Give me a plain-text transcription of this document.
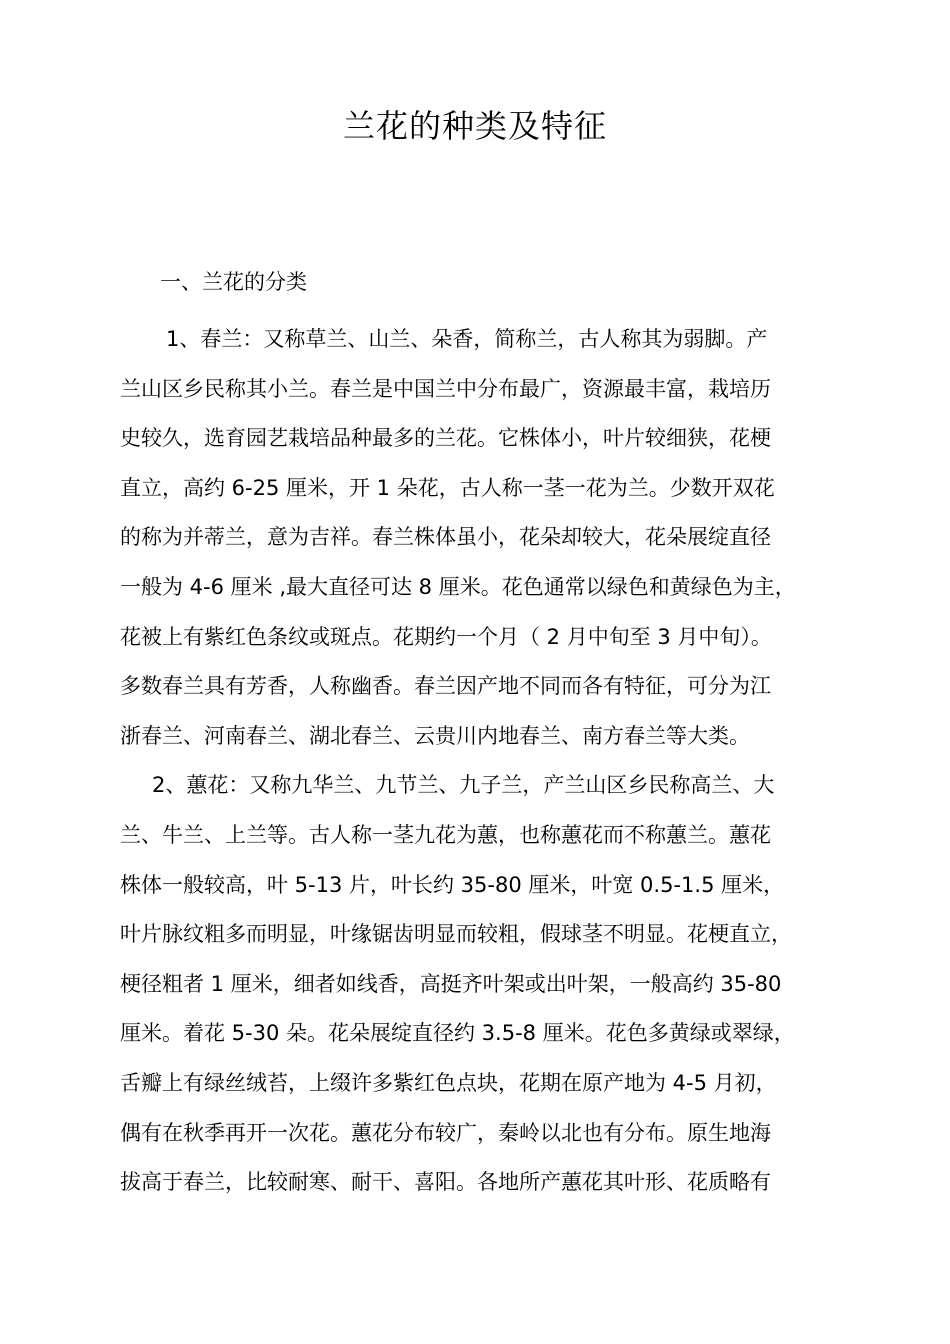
兰花的种类及特征
一、兰花的分类
1、春兰：又称草兰、山兰、朵香，简称兰，古人称其为弱脚。产
兰山区乡民称其小兰。春兰是中国兰中分布最广，资源最丰富，栽培历
史较久，选育园艺栽培品种最多的兰花。它株体小，叶片较细狭，花梗
直立，高约 6-25 厘米，开 1 朵花，古人称一茎一花为兰。少数开双花
的称为并蒂兰，意为吉祥。春兰株体虽小，花朵却较大，花朵展绽直径
一般为 4-6 厘米 ,最大直径可达 8 厘米。花色通常以绿色和黄绿色为主，
花被上有紫红色条纹或斑点。花期约一个月（ 2 月中旬至 3 月中旬）。
多数春兰具有芳香，人称幽香。春兰因产地不同而各有特征，可分为江
浙春兰、河南春兰、湖北春兰、云贵川内地春兰、南方春兰等大类。
2、蕙花：又称九华兰、九节兰、九子兰，产兰山区乡民称高兰、大
兰、牛兰、上兰等。古人称一茎九花为蕙，也称蕙花而不称蕙兰。蕙花
株体一般较高，叶 5-13 片，叶长约 35-80 厘米，叶宽 0.5-1.5 厘米，
叶片脉纹粗多而明显，叶缘锯齿明显而较粗，假球茎不明显。花梗直立，
梗径粗者 1 厘米，细者如线香，高挺齐叶架或出叶架，一般高约 35-80
厘米。着花 5-30 朵。花朵展绽直径约 3.5-8 厘米。花色多黄绿或翠绿，
舌瓣上有绿丝绒苔，上缀许多紫红色点块，花期在原产地为 4-5 月初，
偶有在秋季再开一次花。蕙花分布较广，秦岭以北也有分布。原生地海
拔高于春兰，比较耐寒、耐干、喜阳。各地所产蕙花其叶形、花质略有
